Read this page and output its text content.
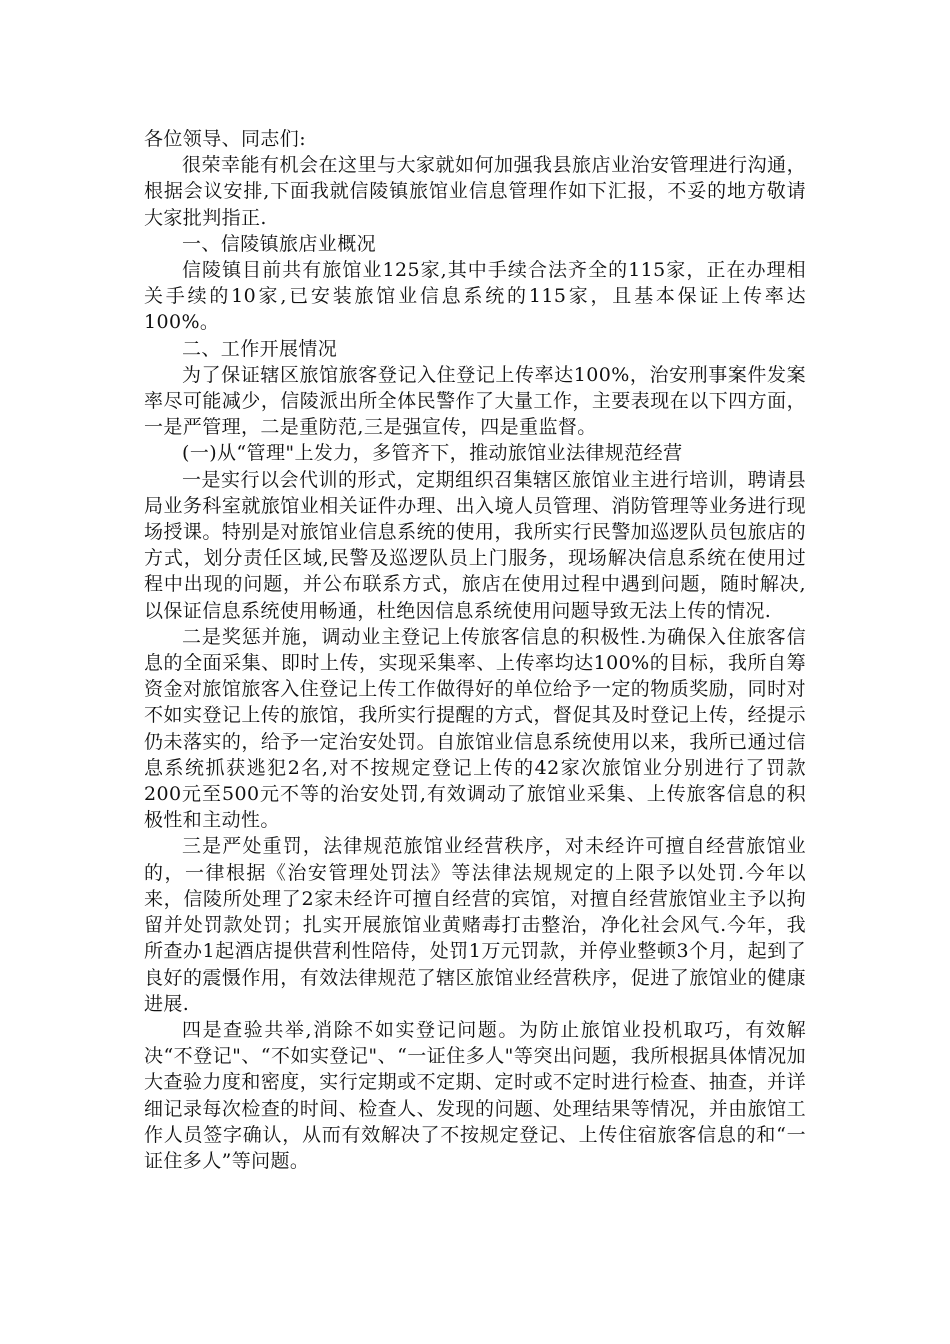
各位领导、同志们:

很荣幸能有机会在这里与大家就如何加强我县旅店业治安管理进行沟通，根据会议安排,下面我就信陵镇旅馆业信息管理作如下汇报，不妥的地方敬请大家批判指正.

一、信陵镇旅店业概况

信陵镇目前共有旅馆业125家,其中手续合法齐全的115家，正在办理相关手续的10家,已安装旅馆业信息系统的115家，且基本保证上传率达100%。

二、工作开展情况

为了保证辖区旅馆旅客登记入住登记上传率达100%，治安刑事案件发案率尽可能减少，信陵派出所全体民警作了大量工作，主要表现在以下四方面，一是严管理，二是重防范,三是强宣传，四是重监督。

(一)从“管理"上发力，多管齐下，推动旅馆业法律规范经营

一是实行以会代训的形式，定期组织召集辖区旅馆业主进行培训，聘请县局业务科室就旅馆业相关证件办理、出入境人员管理、消防管理等业务进行现场授课。特别是对旅馆业信息系统的使用，我所实行民警加巡逻队员包旅店的方式，划分责任区域,民警及巡逻队员上门服务，现场解决信息系统在使用过程中出现的问题，并公布联系方式，旅店在使用过程中遇到问题，随时解决,以保证信息系统使用畅通，杜绝因信息系统使用问题导致无法上传的情况.

二是奖惩并施，调动业主登记上传旅客信息的积极性.为确保入住旅客信息的全面采集、即时上传，实现采集率、上传率均达100%的目标，我所自筹资金对旅馆旅客入住登记上传工作做得好的单位给予一定的物质奖励，同时对不如实登记上传的旅馆，我所实行提醒的方式，督促其及时登记上传，经提示仍未落实的，给予一定治安处罚。自旅馆业信息系统使用以来，我所已通过信息系统抓获逃犯2名,对不按规定登记上传的42家次旅馆业分别进行了罚款200元至500元不等的治安处罚,有效调动了旅馆业采集、上传旅客信息的积极性和主动性。

三是严处重罚，法律规范旅馆业经营秩序，对未经许可擅自经营旅馆业的，一律根据《治安管理处罚法》等法律法规规定的上限予以处罚.今年以来，信陵所处理了2家未经许可擅自经营的宾馆，对擅自经营旅馆业主予以拘留并处罚款处罚；扎实开展旅馆业黄赌毒打击整治，净化社会风气.今年，我所查办1起酒店提供营利性陪侍，处罚1万元罚款，并停业整顿3个月，起到了良好的震慑作用，有效法律规范了辖区旅馆业经营秩序，促进了旅馆业的健康进展.

四是查验共举,消除不如实登记问题。为防止旅馆业投机取巧，有效解决“不登记"、“不如实登记"、“一证住多人"等突出问题，我所根据具体情况加大查验力度和密度，实行定期或不定期、定时或不定时进行检查、抽查，并详细记录每次检查的时间、检查人、发现的问题、处理结果等情况，并由旅馆工作人员签字确认，从而有效解决了不按规定登记、上传住宿旅客信息的和“一证住多人”等问题。
